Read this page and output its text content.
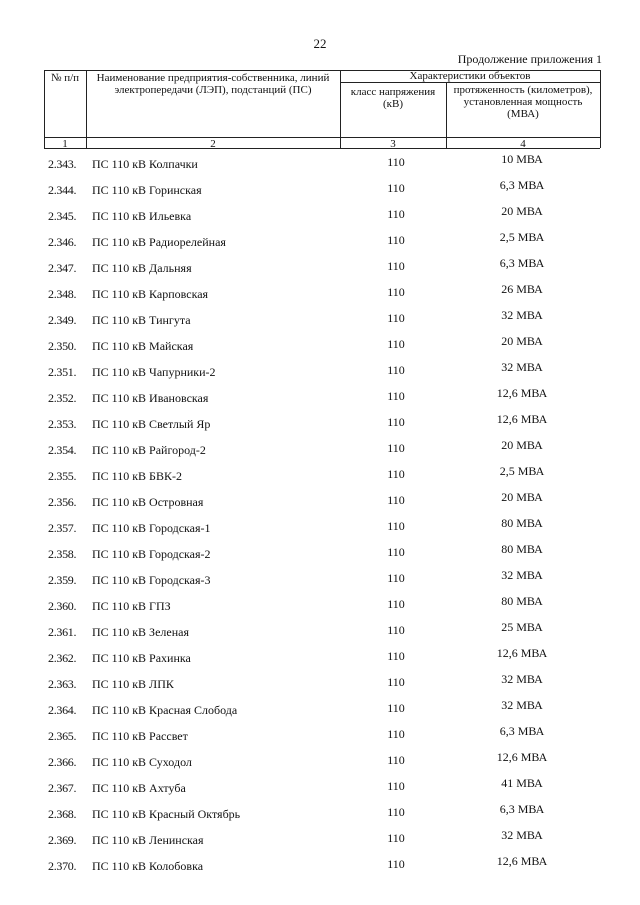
22
Продолжение приложения 1
№ п/п	Наименование предприятия-собственника, линий электропередачи (ЛЭП), подстанций (ПС)
Характеристики объектов
класс напряжения (кВ)
протяженность (километров), установленная мощность (МВА)
1	2	3	4
2.343. ПС 110 кВ Колпачки	110	10 МВА
2.344. ПС 110 кВ Горинская	110	6,3 МВА
2.345. ПС 110 кВ Ильевка	110	20 МВА
2.346. ПС 110 кВ Радиорелейная	110	2,5 МВА
2.347. ПС 110 кВ Дальняя	110	6,3 МВА
2.348. ПС 110 кВ Карповская	110	26 МВА
2.349. ПС 110 кВ Тингута	110	32 МВА
2.350. ПС 110 кВ Майская	110	20 МВА
2.351. ПС 110 кВ Чапурники-2	110	32 МВА
2.352. ПС 110 кВ Ивановская	110	12,6 МВА
2.353. ПС 110 кВ Светлый Яр	110	12,6 МВА
2.354. ПС 110 кВ Райгород-2	110	20 МВА
2.355. ПС 110 кВ БВК-2	110	2,5 МВА
2.356. ПС 110 кВ Островная	110	20 МВА
2.357. ПС 110 кВ Городская-1	110	80 МВА
2.358. ПС 110 кВ Городская-2	110	80 МВА
2.359. ПС 110 кВ Городская-3	110	32 МВА
2.360. ПС 110 кВ ГПЗ	110	80 МВА
2.361. ПС 110 кВ Зеленая	110	25 МВА
2.362. ПС 110 кВ Рахинка	110	12,6 МВА
2.363. ПС 110 кВ ЛПК	110	32 МВА
2.364. ПС 110 кВ Красная Слобода	110	32 МВА
2.365. ПС 110 кВ Рассвет	110	6,3 МВА
2.366. ПС 110 кВ Суходол	110	12,6 МВА
2.367. ПС 110 кВ Ахтуба	110	41 МВА
2.368. ПС 110 кВ Красный Октябрь	110	6,3 МВА
2.369. ПС 110 кВ Ленинская	110	32 МВА
2.370. ПС 110 кВ Колобовка	110	12,6 МВА
